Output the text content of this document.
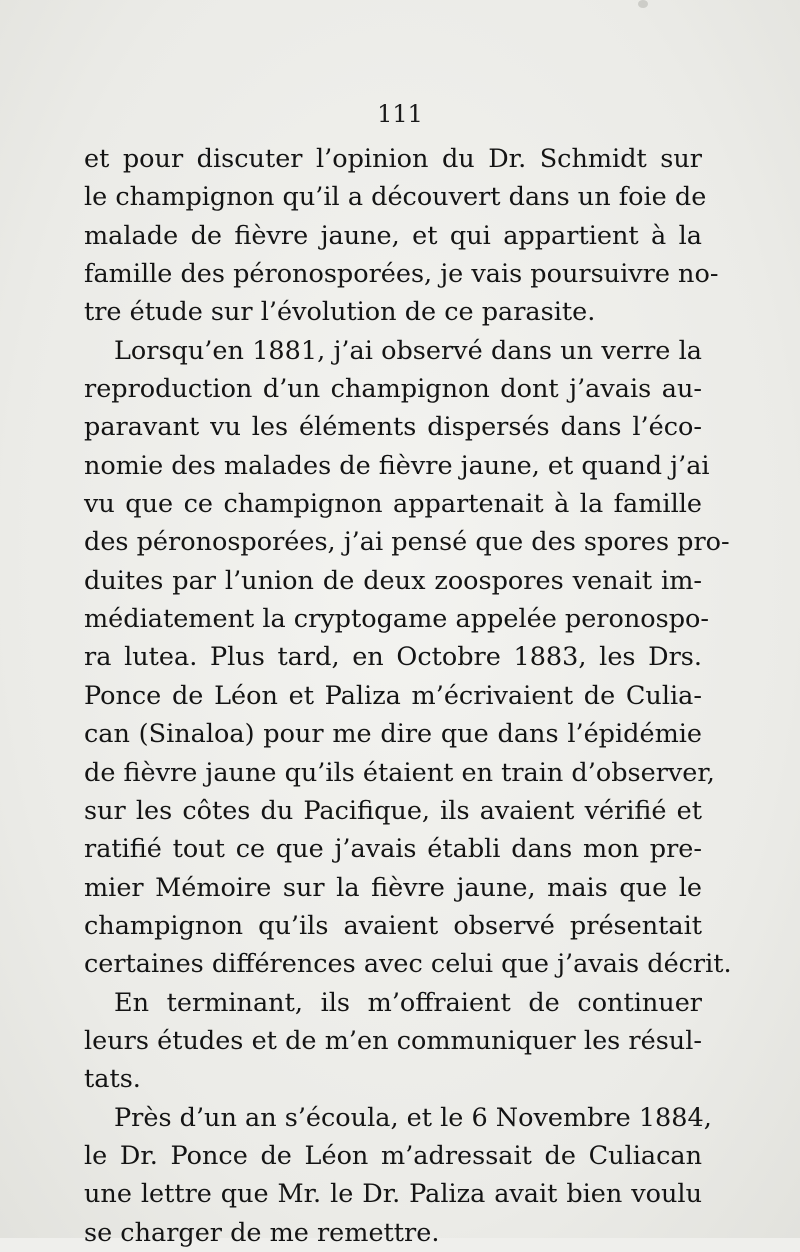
111
et pour discuter l’opinion du Dr. Schmidt sur
le champignon qu’il a découvert dans un foie de
malade de fièvre jaune, et qui appartient à la
famille des péronosporées, je vais poursuivre no-
tre étude sur l’évolution de ce parasite.
Lorsqu’en 1881, j’ai observé dans un verre la
reproduction d’un champignon dont j’avais au-
paravant vu les éléments dispersés dans l’éco-
nomie des malades de fièvre jaune, et quand j’ai
vu que ce champignon appartenait à la famille
des péronosporées, j’ai pensé que des spores pro-
duites par l’union de deux zoospores venait im-
médiatement la cryptogame appelée peronospo-
ra lutea. Plus tard, en Octobre 1883, les Drs.
Ponce de Léon et Paliza m’écrivaient de Culia-
can (Sinaloa) pour me dire que dans l’épidémie
de fièvre jaune qu’ils étaient en train d’observer,
sur les côtes du Pacifique, ils avaient vérifié et
ratifié tout ce que j’avais établi dans mon pre-
mier Mémoire sur la fièvre jaune, mais que le
champignon qu’ils avaient observé présentait
certaines différences avec celui que j’avais décrit.
En terminant, ils m’offraient de continuer
leurs études et de m’en communiquer les résul-
tats.
Près d’un an s’écoula, et le 6 Novembre 1884,
le Dr. Ponce de Léon m’adressait de Culiacan
une lettre que Mr. le Dr. Paliza avait bien voulu
se charger de me remettre.
